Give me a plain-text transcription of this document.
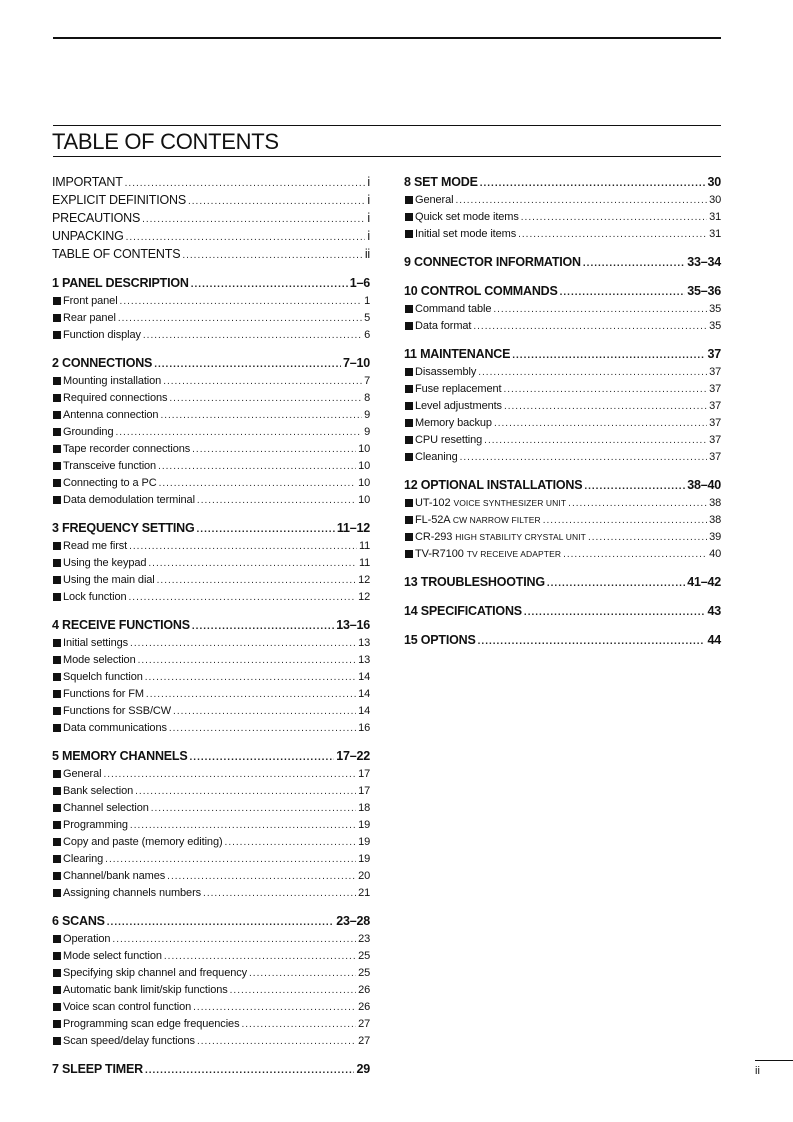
TABLE OF CONTENTS
IMPORTANT .....	i
EXPLICIT DEFINITIONS .....	i
PRECAUTIONS .....	i
UNPACKING .....	i
TABLE OF CONTENTS .....	ii
1 PANEL DESCRIPTION .....	1–6
Front panel .....	1
Rear panel .....	5
Function display .....	6
2 CONNECTIONS .....	7–10
Mounting installation .....	7
Required connections .....	8
Antenna connection .....	9
Grounding .....	9
Tape recorder connections .....	10
Transceive function .....	10
Connecting to a PC .....	10
Data demodulation terminal .....	10
3 FREQUENCY SETTING .....	11–12
Read me first .....	11
Using the keypad .....	11
Using the main dial .....	12
Lock function .....	12
4 RECEIVE FUNCTIONS .....	13–16
Initial settings .....	13
Mode selection .....	13
Squelch function .....	14
Functions for FM .....	14
Functions for SSB/CW .....	14
Data communications .....	16
5 MEMORY CHANNELS .....	17–22
General .....	17
Bank selection .....	17
Channel selection .....	18
Programming .....	19
Copy and paste (memory editing) .....	19
Clearing .....	19
Channel/bank names .....	20
Assigning channels numbers .....	21
6 SCANS .....	23–28
Operation .....	23
Mode select function .....	25
Specifying skip channel and frequency .....	25
Automatic bank limit/skip functions .....	26
Voice scan control function .....	26
Programming scan edge frequencies .....	27
Scan speed/delay functions .....	27
7 SLEEP TIMER .....	29
8 SET MODE .....	30
General .....	30
Quick set mode items .....	31
Initial set mode items .....	31
9 CONNECTOR INFORMATION .....	33–34
10 CONTROL COMMANDS .....	35–36
Command table .....	35
Data format .....	35
11 MAINTENANCE .....	37
Disassembly .....	37
Fuse replacement .....	37
Level adjustments .....	37
Memory backup .....	37
CPU resetting .....	37
Cleaning .....	37
12 OPTIONAL INSTALLATIONS .....	38–40
UT-102 VOICE SYNTHESIZER UNIT .....	38
FL-52A CW NARROW FILTER .....	38
CR-293 HIGH STABILITY CRYSTAL UNIT .....	39
TV-R7100 TV RECEIVE ADAPTER .....	40
13 TROUBLESHOOTING .....	41–42
14 SPECIFICATIONS .....	43
15 OPTIONS .....	44
ii
